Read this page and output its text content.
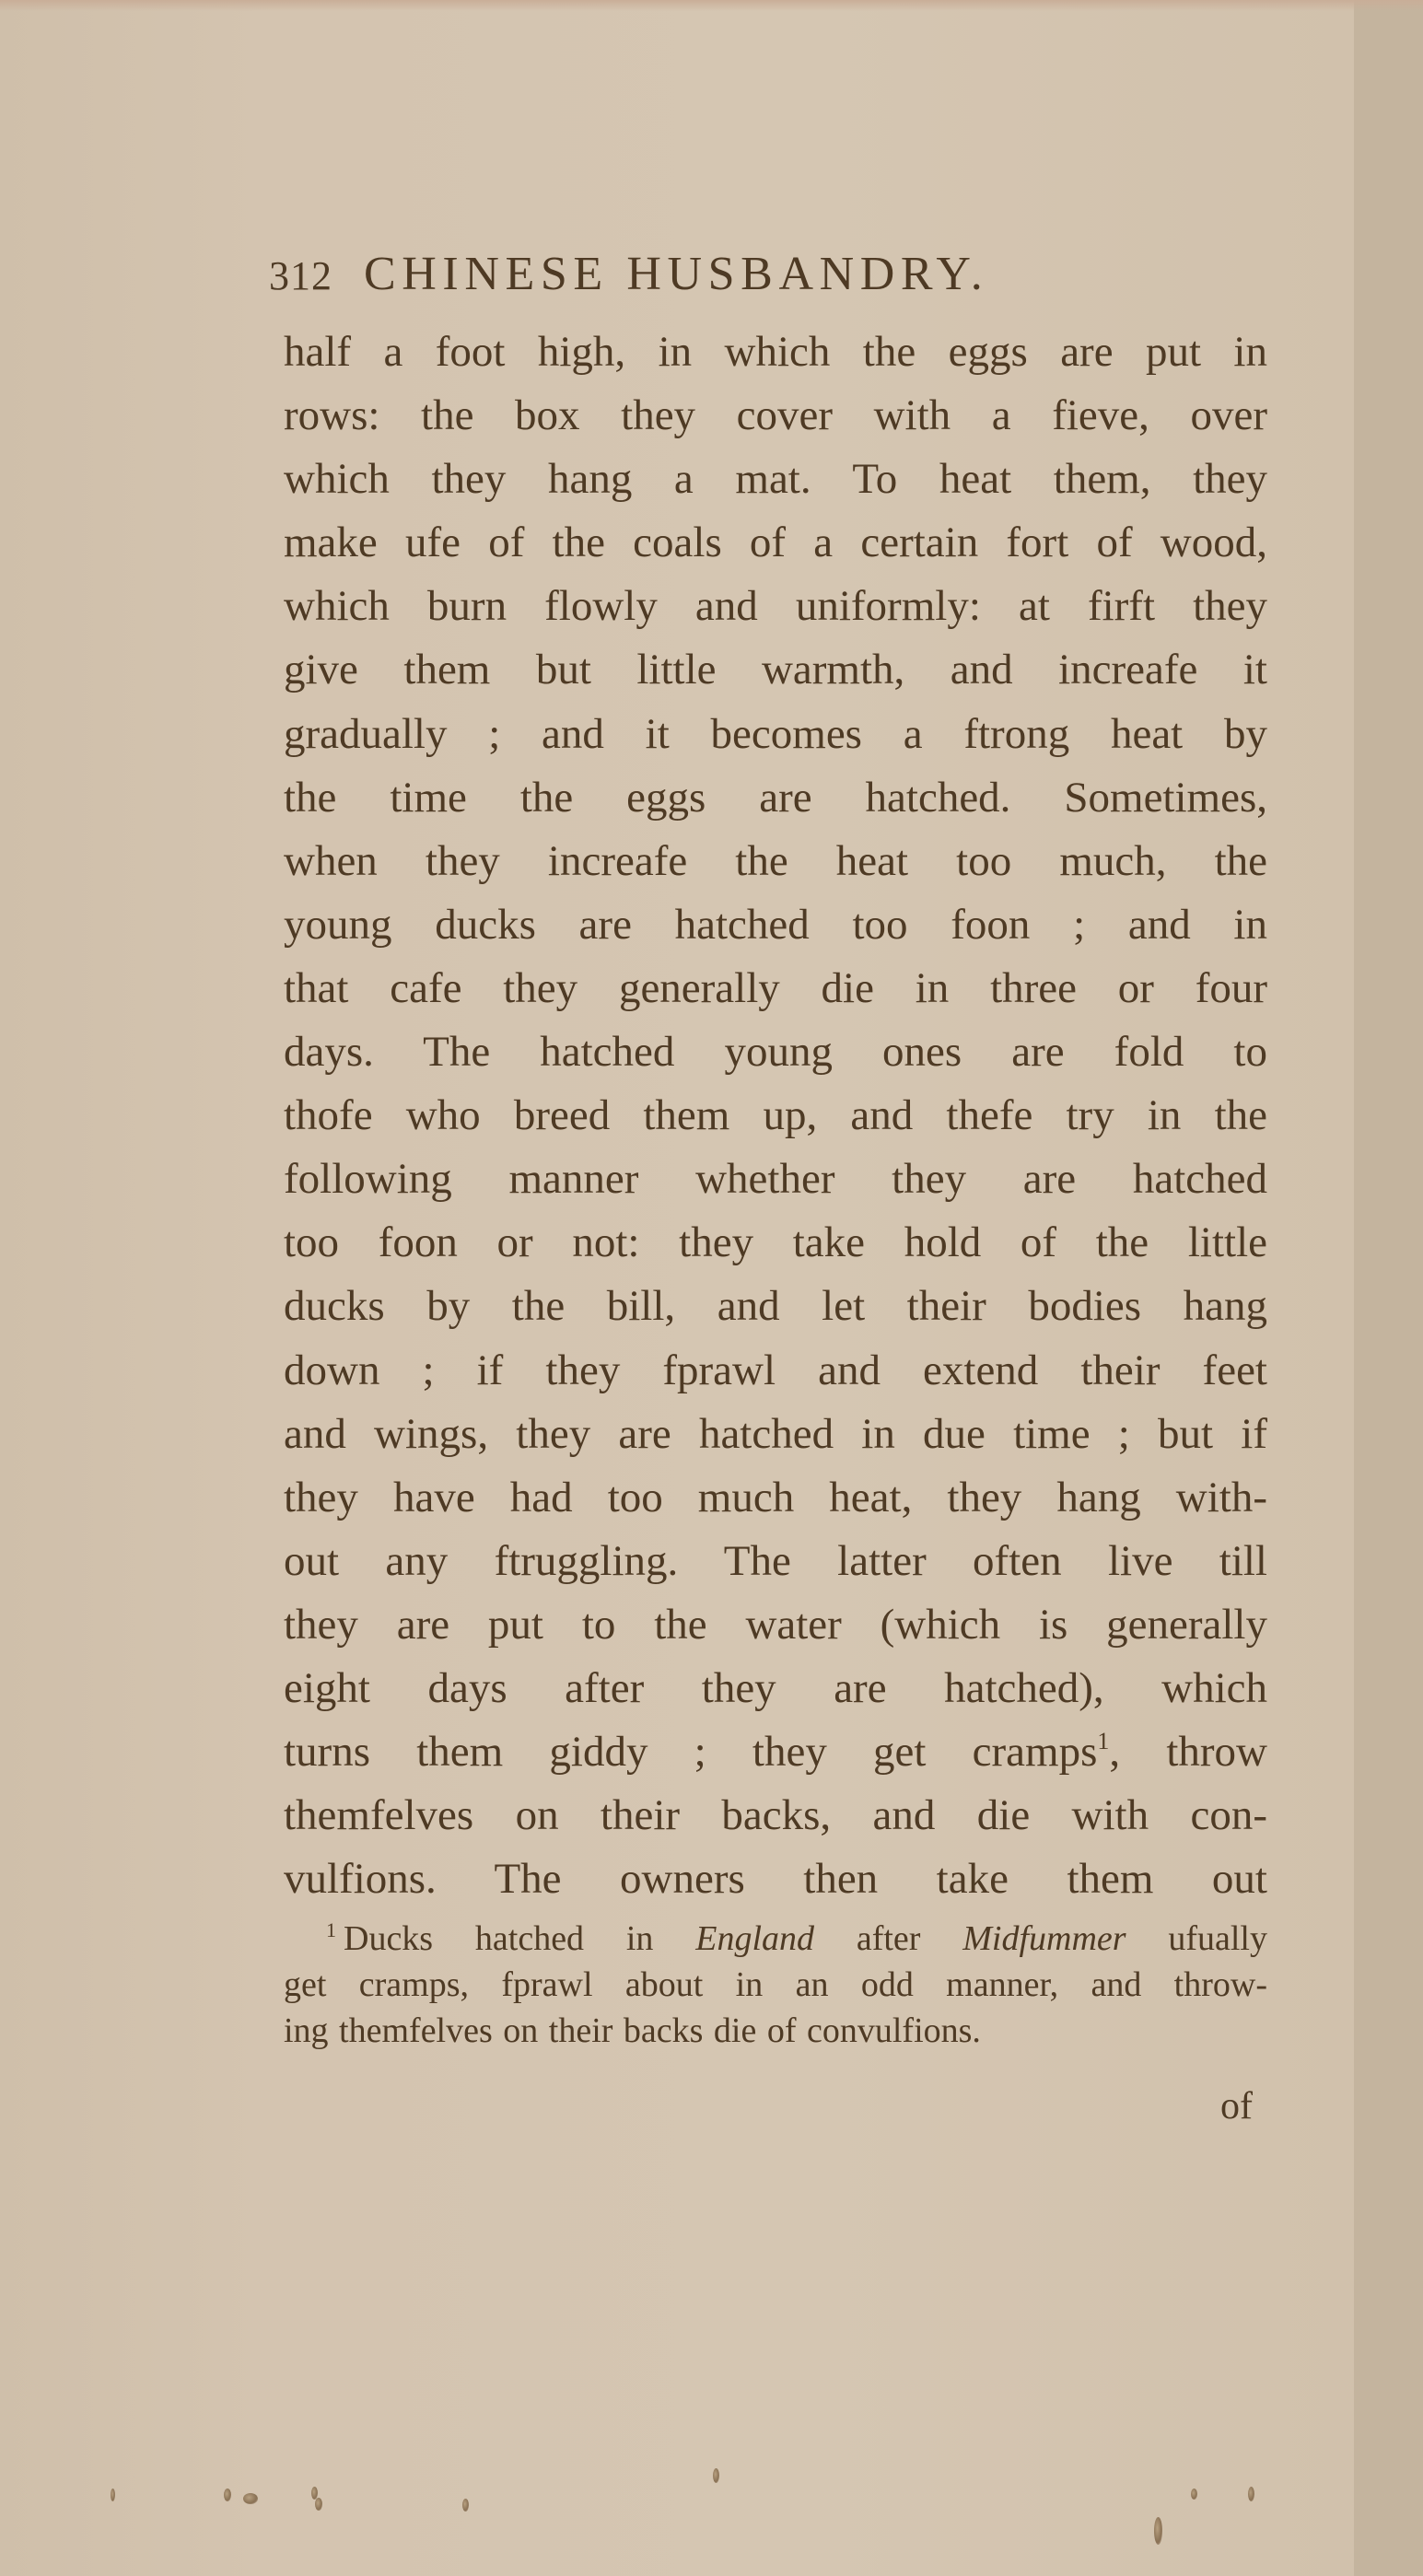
312 CHINESE HUSBANDRY.
half a foot high, in which the eggs are put in
rows: the box they cover with a fieve, over
which they hang a mat. To heat them, they
make ufe of the coals of a certain fort of wood,
which burn flowly and uniformly: at firft they
give them but little warmth, and increafe it
gradually ; and it becomes a ftrong heat by
the time the eggs are hatched. Sometimes,
when they increafe the heat too much, the
young ducks are hatched too foon ; and in
that cafe they generally die in three or four
days. The hatched young ones are fold to
thofe who breed them up, and thefe try in the
following manner whether they are hatched
too foon or not: they take hold of the little
ducks by the bill, and let their bodies hang
down ; if they fprawl and extend their feet
and wings, they are hatched in due time ; but if
they have had too much heat, they hang with-
out any ftruggling. The latter often live till
they are put to the water (which is generally
eight days after they are hatched), which
turns them giddy ; they get cramps$^1$, throw
themfelves on their backs, and die with con-
vulfions. The owners then take them out
$^1$ Ducks hatched in England after Midfummer ufually
get cramps, fprawl about in an odd manner, and throw-
ing themfelves on their backs die of convulfions.
of
